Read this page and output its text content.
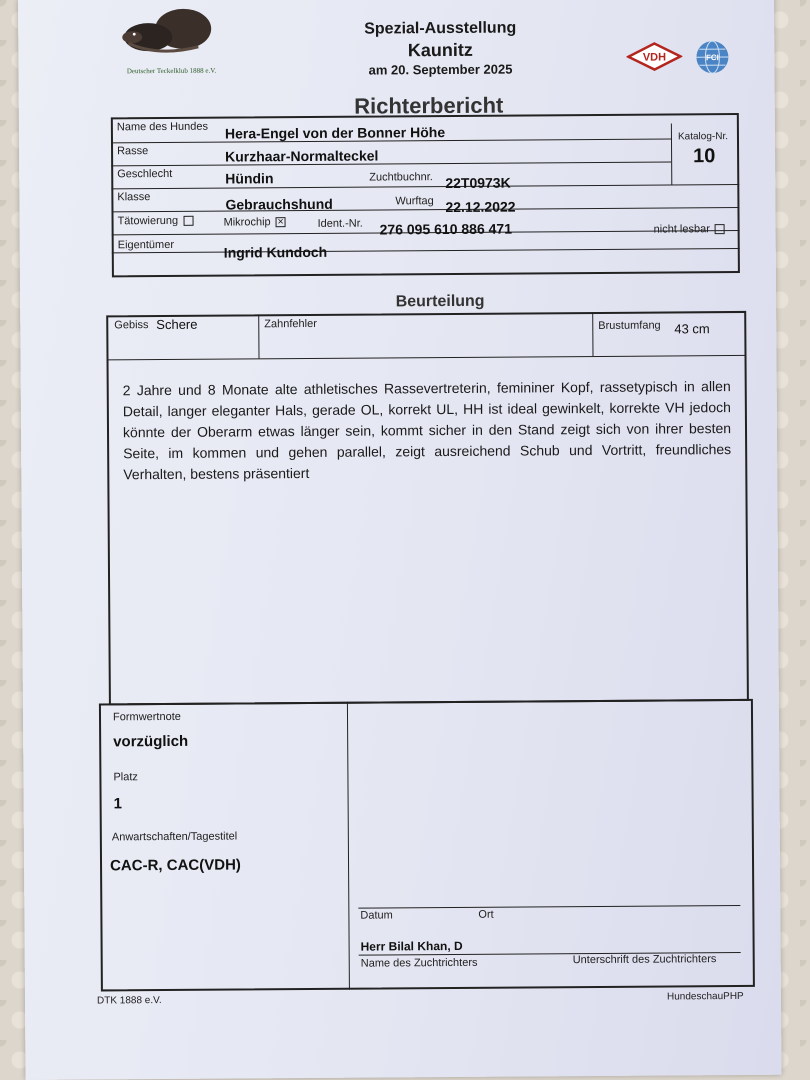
Deutscher Teckelklub 1888 e.V.
Spezial-Ausstellung
Kaunitz
am 20. September 2025
VDH	FCI
Richterbericht
Name des Hundes Hera-Engel von der Bonner Höhe	Katalog-Nr.
10
Rasse	Kurzhaar-Normalteckel
Geschlecht	Hündin	Zuchtbuchnr. 22T0973K
Klasse	Gebrauchshund	Wurftag 22.12.2022
Tätowierung	Mikrochip ✕	Ident.-Nr. 276 095 610 886 471	nicht lesbar
Eigentümer	Ingrid Kundoch
Beurteilung
Gebiss Schere	Zahnfehler	Brustumfang 43 cm
2 Jahre und 8 Monate alte athletisches Rassevertreterin, femininer Kopf, rassetypisch in allen Detail, langer eleganter Hals, gerade OL, korrekt UL, HH ist ideal gewinkelt, korrekte VH jedoch könnte der Oberarm etwas länger sein, kommt sicher in den Stand zeigt sich von ihrer besten Seite, im kommen und gehen parallel, zeigt ausreichend Schub und Vortritt, freundliches Verhalten, bestens präsentiert
Formwertnote
vorzüglich
Platz
1
Anwartschaften/Tagestitel
CAC-R, CAC(VDH)
Datum	Ort
Herr Bilal Khan, D
Name des Zuchtrichters	Unterschrift des Zuchtrichters
DTK 1888 e.V.	HundeschauPHP
